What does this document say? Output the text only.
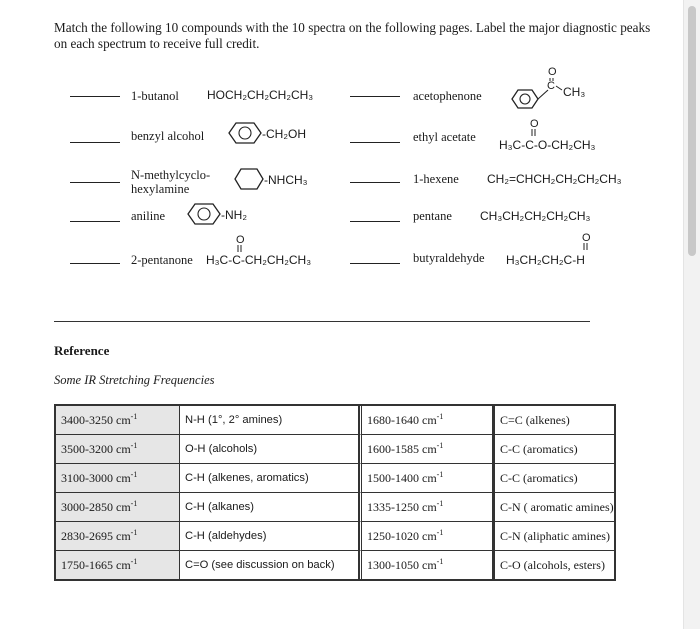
Match the following 10 compounds with the 10 spectra on the following pages. Label the major diagnostic peaks on each spectrum to receive full credit.
1-butanol HOCH₂CH₂CH₂CH₃
benzyl alcohol	-CH₂OH
N-methylcyclo-hexylamine
-NHCH₃
aniline	-NH₂
2-pentanone
O
H₃C-C-CH₂CH₂CH₃
acetophenone
C
O
CH₃
ethyl acetate
O
H₃C-C-O-CH₂CH₃
1-hexene CH₂=CHCH₂CH₂CH₂CH₃
pentane CH₃CH₂CH₂CH₂CH₃
butyraldehyde
O
H₃CH₂CH₂C-H
Reference
Some IR Stretching Frequencies
3400-3250 $cm^{-1}$	N-H (1°, 2° amines)	1680-1640 $cm^{-1}$	C=C (alkenes)
3500-3200 $cm^{-1}$	O-H (alcohols)	1600-1585 $cm^{-1}$	C-C (aromatics)
3100-3000 $cm^{-1}$	C-H (alkenes, aromatics)	1500-1400 $cm^{-1}$	C-C (aromatics)
3000-2850 $cm^{-1}$	C-H (alkanes)	1335-1250 $cm^{-1}$	C-N ( aromatic amines)
2830-2695 $cm^{-1}$	C-H (aldehydes)	1250-1020 $cm^{-1}$	C-N (aliphatic amines)
1750-1665 $cm^{-1}$	C=O (see discussion on back)	1300-1050 $cm^{-1}$	C-O (alcohols, esters)
